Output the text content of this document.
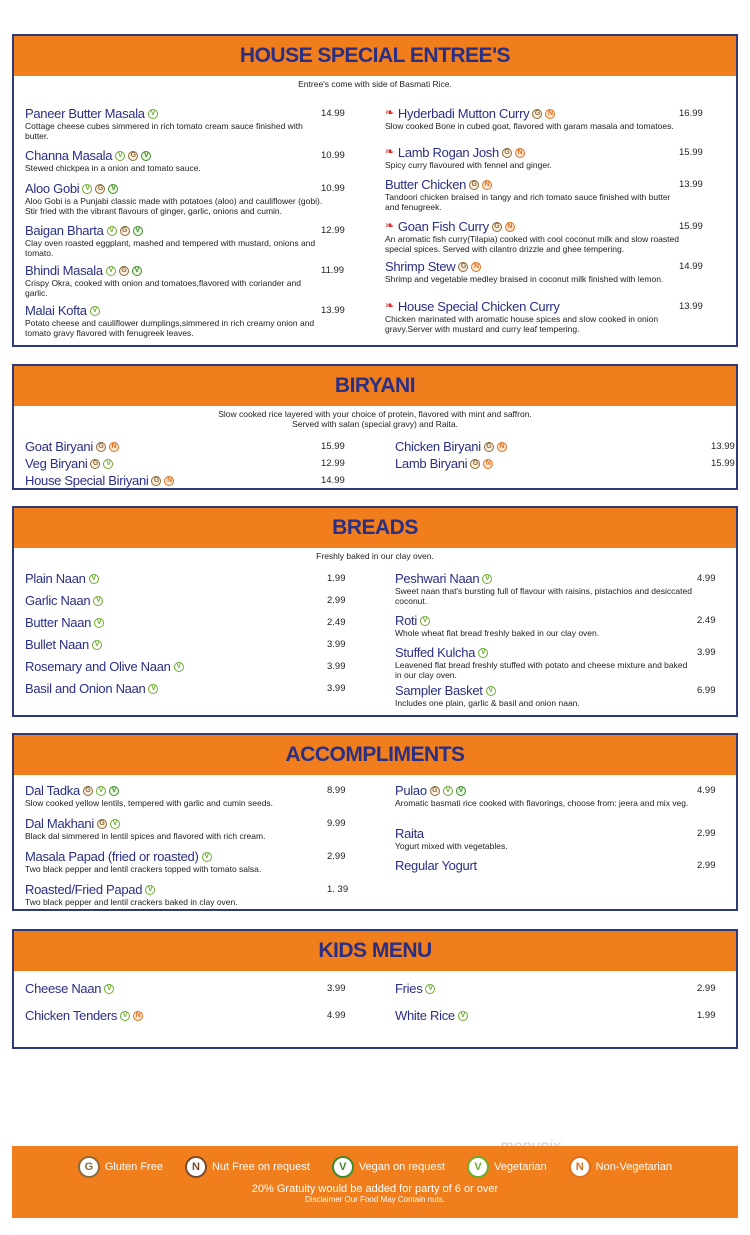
HOUSE SPECIAL ENTREE'S
Entree's come with side of Basmati Rice.
Paneer Butter Masala V
Cottage cheese cubes simmered in rich tomato cream sauce finished with butter.
14.99
Channa Masala V	G	V
Stewed chickpea in a onion and tomato sauce.
10.99
Aloo Gobi V	G	V
Aloo Gobi is a Punjabi classic made with potatoes (aloo) and cauliflower (gobi). Stir fried with the vibrant flavours of ginger, garlic, onions and cumin.
10.99
Baigan Bharta V	G	V
Clay oven roasted eggplant, mashed and tempered with mustard, onions and tomato.
12.99
Bhindi Masala V	G	V
Crispy Okra, cooked with onion and tomatoes,flavored with coriander and garlic.
11.99
Malai Kofta V
Potato cheese and cauliflower dumplings,simmered in rich creamy onion and tomato gravy flavored with fenugreek leaves.
13.99
❧ Hyderbadi Mutton Curry G	N
Slow cooked Bone in cubed goat, flavored with garam masala and tomatoes.
16.99
❧ Lamb Rogan Josh G	N
Spicy curry flavoured with fennel and ginger.
15.99
Butter Chicken G	N
Tandoori chicken braised in tangy and rich tomato sauce finished with butter and fenugreek.
13.99
❧ Goan Fish Curry G	N
An aromatic fish curry(Tilapia) cooked with cool coconut milk and slow roasted special spices. Served with cilantro drizzle and ghee tempering.
15.99
Shrimp Stew G	N
Shrimp and vegetable medley braised in coconut milk finished with lemon.
14.99
❧ House Special Chicken Curry
Chicken marinated with aromatic house spices and slow cooked in onion gravy.Server with mustard and curry leaf tempering.
13.99
BIRYANI
Slow cooked rice layered with your choice of protein, flavored with mint and saffron.
Served with salan (special gravy) and Raita.
Goat Biryani G	N	15.99
Veg Biryani G	V	12.99
House Special Biriyani G	N	14.99
Chicken Biryani G	N	13.99
Lamb Biryani G	N	15.99
BREADS
Freshly baked in our clay oven.
Plain Naan V	1.99
Garlic Naan V	2.99
Butter Naan V	2.49
Bullet Naan V	3.99
Rosemary and Olive Naan V	3.99
Basil and Onion Naan V	3.99
Peshwari Naan V
Sweet naan that's bursting full of flavour with raisins, pistachios and desiccated coconut.
4.99
Roti V
Whole wheat flat bread freshly baked in our clay oven.
2.49
Stuffed Kulcha V
Leavened flat bread freshly stuffed with potato and cheese mixture and baked in our clay oven.
3.99
Sampler Basket V
Includes one plain, garlic & basil and onion naan.
6.99
ACCOMPLIMENTS
Dal Tadka G	V	V
Slow cooked yellow lentils, tempered with garlic and cumin seeds.
8.99
Dal Makhani G	V
Black dal simmered in lentil spices and flavored with rich cream.
9.99
Masala Papad (fried or roasted) V
Two black pepper and lentil crackers topped with tomato salsa.
2.99
Roasted/Fried Papad V
Two black pepper and lentil crackers baked in clay oven.
1. 39
Pulao G	V	V
Aromatic basmati rice cooked with flavorings, choose from: jeera and mix veg.
4.99
Raita
Yogurt mixed with vegetables.
2.99
Regular Yogurt	2.99
KIDS MENU
Cheese Naan V	3.99
Chicken Tenders V	N	4.99
Fries V	2.99
White Rice V	1.99
G	Gluten Free	N	Nut Free on request	V	Vegan on request	V	Vegetarian	N	Non-Vegetarian
20% Gratuity would be added for party of 6 or over
Disclaimer Our Food May Contain nuts.
